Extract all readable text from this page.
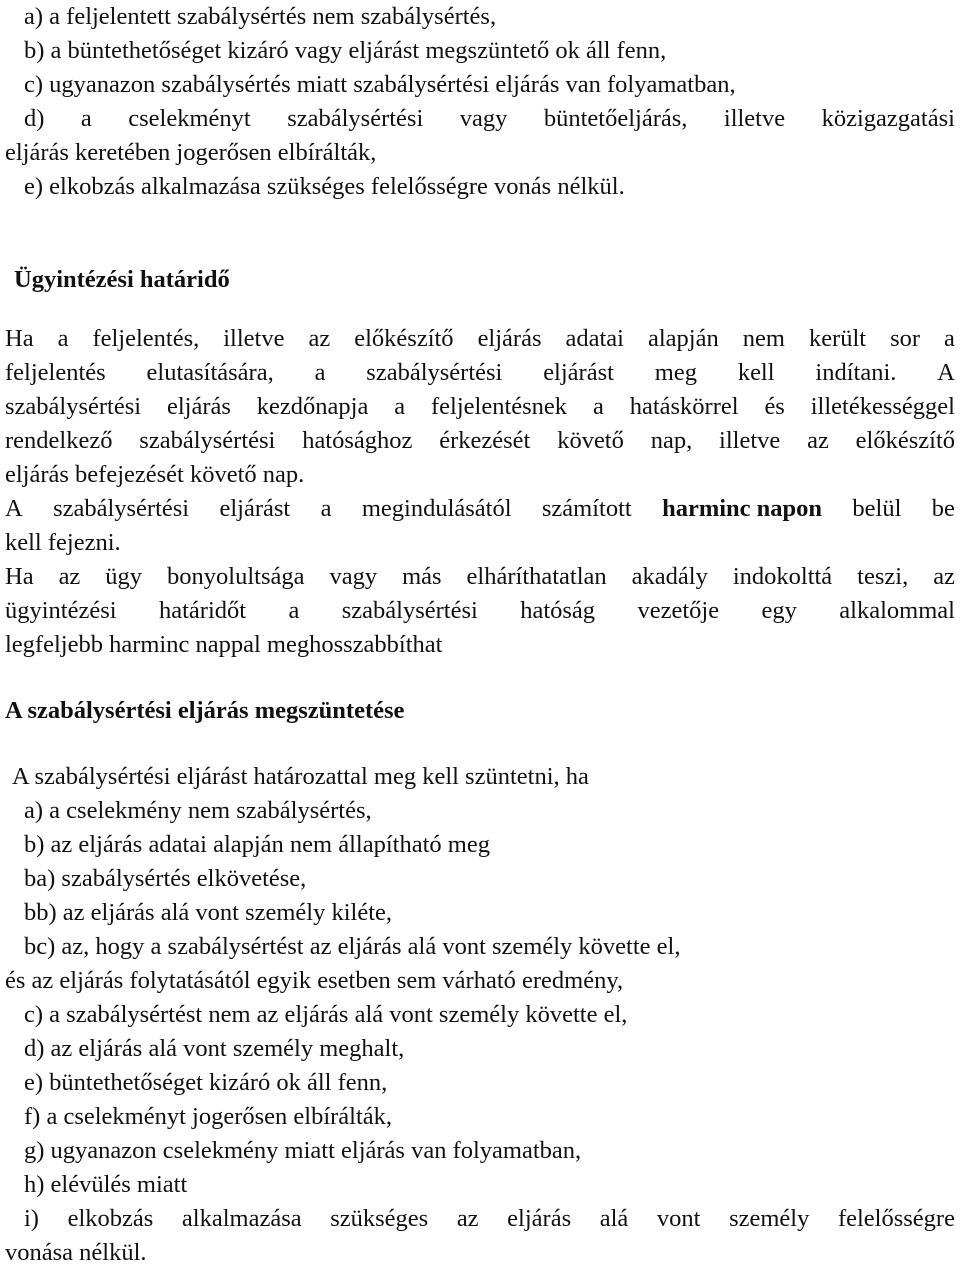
a) a feljelentett szabálysértés nem szabálysértés,
b) a büntethetőséget kizáró vagy eljárást megszüntető ok áll fenn,
c) ugyanazon szabálysértés miatt szabálysértési eljárás van folyamatban,
d) a cselekményt szabálysértési vagy büntetőeljárás, illetve közigazgatási
eljárás keretében jogerősen elbírálták,
e) elkobzás alkalmazása szükséges felelősségre vonás nélkül.
Ügyintézési határidő
Ha a feljelentés, illetve az előkészítő eljárás adatai alapján nem került sor a
feljelentés elutasítására, a szabálysértési eljárást meg kell indítani. A
szabálysértési eljárás kezdőnapja a feljelentésnek a hatáskörrel és illetékességgel
rendelkező szabálysértési hatósághoz érkezését követő nap, illetve az előkészítő
eljárás befejezését követő nap.
A szabálysértési eljárást a megindulásától számított harminc napon belül be
kell fejezni.
Ha az ügy bonyolultsága vagy más elháríthatatlan akadály indokolttá teszi, az
ügyintézési határidőt a szabálysértési hatóság vezetője egy alkalommal
legfeljebb harminc nappal meghosszabbíthat
A szabálysértési eljárás megszüntetése
A szabálysértési eljárást határozattal meg kell szüntetni, ha
a) a cselekmény nem szabálysértés,
b) az eljárás adatai alapján nem állapítható meg
ba) szabálysértés elkövetése,
bb) az eljárás alá vont személy kiléte,
bc) az, hogy a szabálysértést az eljárás alá vont személy követte el,
és az eljárás folytatásától egyik esetben sem várható eredmény,
c) a szabálysértést nem az eljárás alá vont személy követte el,
d) az eljárás alá vont személy meghalt,
e) büntethetőséget kizáró ok áll fenn,
f) a cselekményt jogerősen elbírálták,
g) ugyanazon cselekmény miatt eljárás van folyamatban,
h) elévülés miatt
i) elkobzás alkalmazása szükséges az eljárás alá vont személy felelősségre
vonása nélkül.
